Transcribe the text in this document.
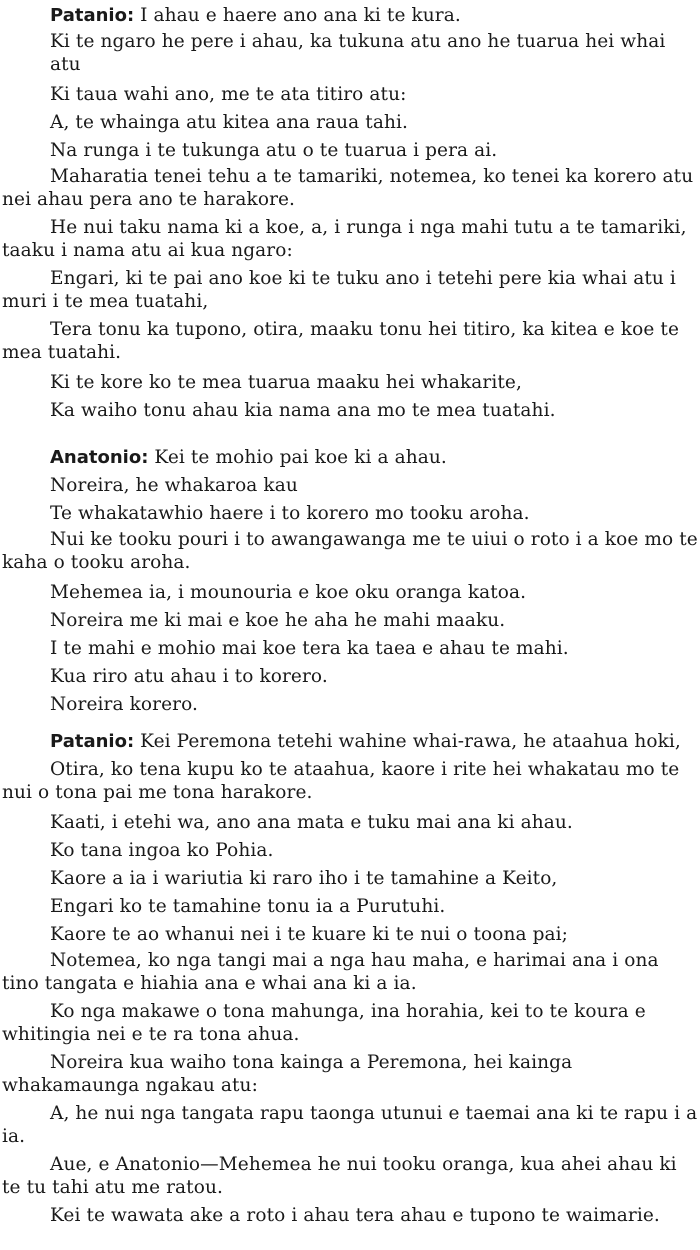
Patanio: I ahau e haere ano ana ki te kura.

Ki te ngaro he pere i ahau, ka tukuna atu ano he tuarua hei whai atu

Ki taua wahi ano, me te ata titiro atu:

A, te whainga atu kitea ana raua tahi.

Na runga i te tukunga atu o te tuarua i pera ai.

Maharatia tenei tehu a te tamariki, notemea, ko tenei ka korero atu nei ahau pera ano te harakore.

He nui taku nama ki a koe, a, i runga i nga mahi tutu a te tamariki, taaku i nama atu ai kua ngaro:

Engari, ki te pai ano koe ki te tuku ano i tetehi pere kia whai atu i muri i te mea tuatahi,

Tera tonu ka tupono, otira, maaku tonu hei titiro, ka kitea e koe te mea tuatahi.

Ki te kore ko te mea tuarua maaku hei whakarite,

Ka waiho tonu ahau kia nama ana mo te mea tuatahi.

Anatonio: Kei te mohio pai koe ki a ahau.

Noreira, he whakaroa kau

Te whakatawhio haere i to korero mo tooku aroha.

Nui ke tooku pouri i to awangawanga me te uiui o roto i a koe mo te kaha o tooku aroha.

Mehemea ia, i mounouria e koe oku oranga katoa.

Noreira me ki mai e koe he aha he mahi maaku.

I te mahi e mohio mai koe tera ka taea e ahau te mahi.

Kua riro atu ahau i to korero.

Noreira korero.

Patanio: Kei Peremona tetehi wahine whai-rawa, he ataahua hoki,

Otira, ko tena kupu ko te ataahua, kaore i rite hei whakatau mo te nui o tona pai me tona harakore.

Kaati, i etehi wa, ano ana mata e tuku mai ana ki ahau.

Ko tana ingoa ko Pohia.

Kaore a ia i wariutia ki raro iho i te tamahine a Keito,

Engari ko te tamahine tonu ia a Purutuhi.

Kaore te ao whanui nei i te kuare ki te nui o toona pai;

Notemea, ko nga tangi mai a nga hau maha, e harimai ana i ona tino tangata e hiahia ana e whai ana ki a ia.

Ko nga makawe o tona mahunga, ina horahia, kei to te koura e whitingia nei e te ra tona ahua.

Noreira kua waiho tona kainga a Peremona, hei kainga whakamaunga ngakau atu:

A, he nui nga tangata rapu taonga utunui e taemai ana ki te rapu i a ia.

Aue, e Anatonio—Mehemea he nui tooku oranga, kua ahei ahau ki te tu tahi atu me ratou.

Kei te wawata ake a roto i ahau tera ahau e tupono te waimarie.
